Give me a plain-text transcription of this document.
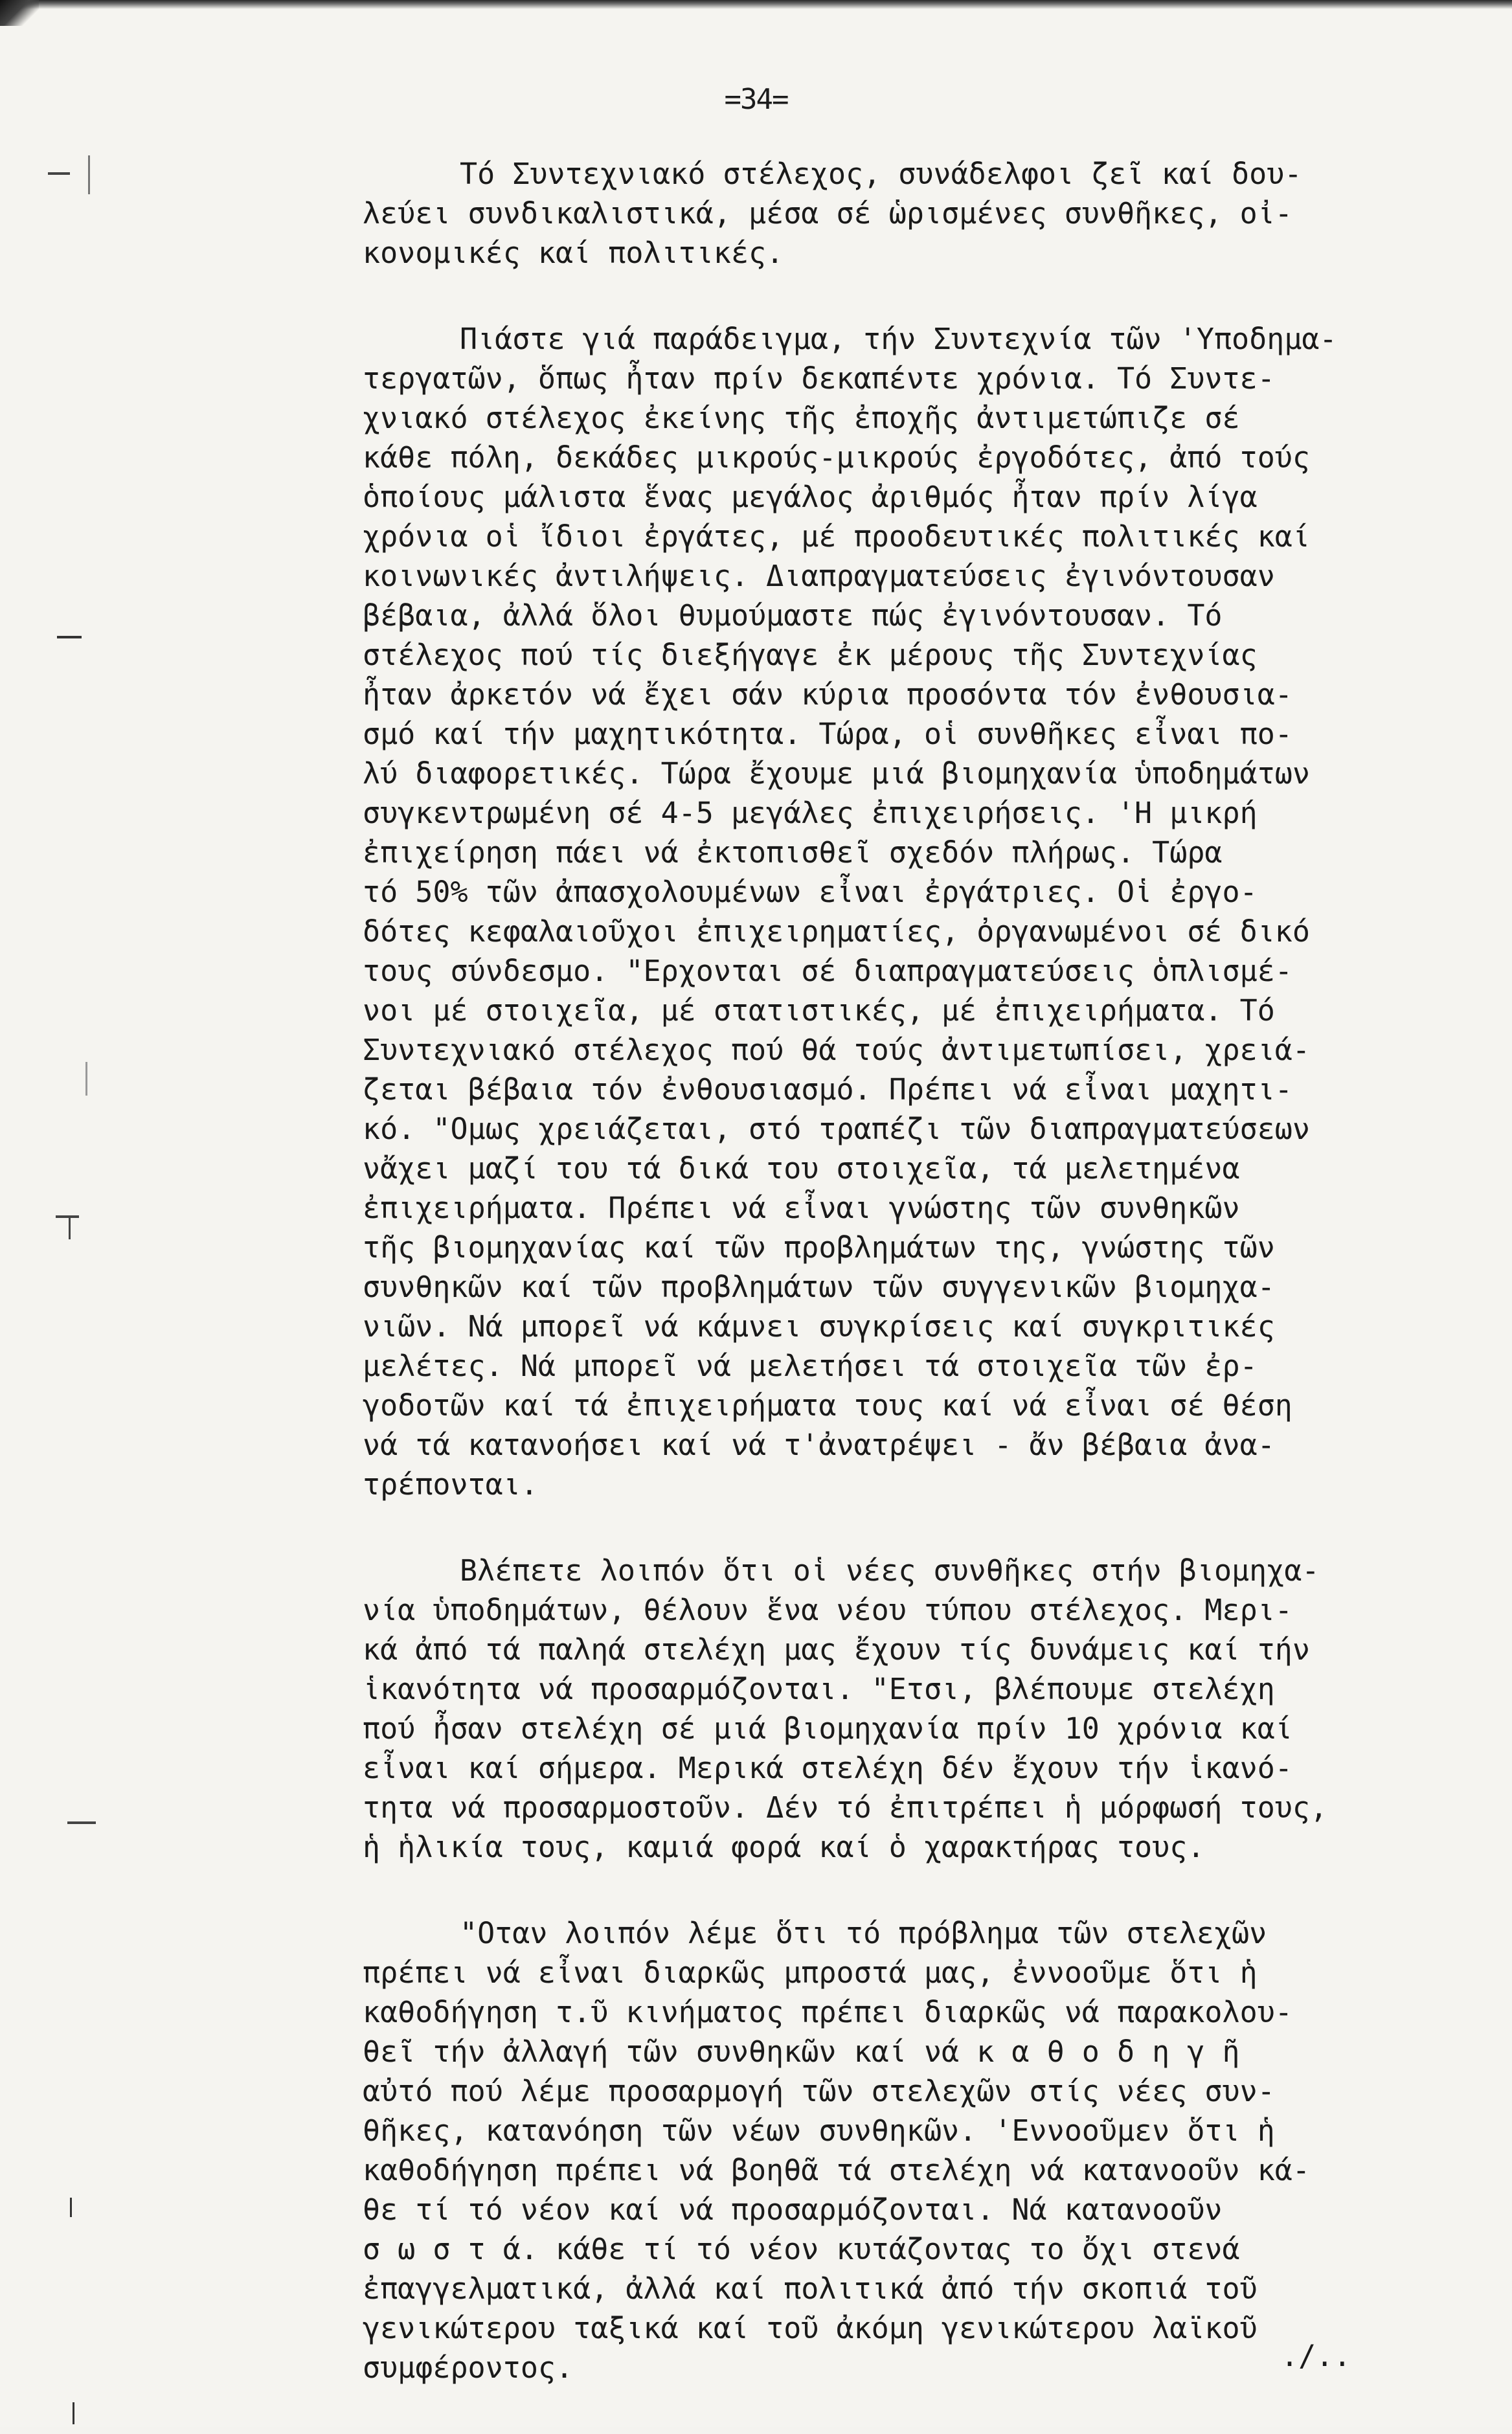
=34=
Τό Συντεχνιακό στέλεχος, συνάδελφοι ζεῖ καί δου-
λεύει συνδικαλιστικά, μέσα σέ ὡρισμένες συνθῆκες, οἰ-
κονομικές καί πολιτικές.
Πιάστε γιά παράδειγμα, τήν Συντεχνία τῶν 'Υποδημα-
τεργατῶν, ὅπως ἦταν πρίν δεκαπέντε χρόνια. Τό Συντε-
χνιακό στέλεχος ἐκείνης τῆς ἐποχῆς ἀντιμετώπιζε σέ
κάθε πόλη, δεκάδες μικρούς-μικρούς ἐργοδότες, ἀπό τούς
ὁποίους μάλιστα ἕνας μεγάλος ἀριθμός ἦταν πρίν λίγα
χρόνια οἱ ἴδιοι ἐργάτες, μέ προοδευτικές πολιτικές καί
κοινωνικές ἀντιλήψεις. Διαπραγματεύσεις ἐγινόντουσαν
βέβαια, ἀλλά ὅλοι θυμούμαστε πώς ἐγινόντουσαν. Τό
στέλεχος πού τίς διεξήγαγε ἐκ μέρους τῆς Συντεχνίας
ἦταν ἀρκετόν νά ἔχει σάν κύρια προσόντα τόν ἐνθουσια-
σμό καί τήν μαχητικότητα. Τώρα, οἱ συνθῆκες εἶναι πο-
λύ διαφορετικές. Τώρα ἔχουμε μιά βιομηχανία ὑποδημάτων
συγκεντρωμένη σέ 4-5 μεγάλες ἐπιχειρήσεις. 'Η μικρή
ἐπιχείρηση πάει νά ἐκτοπισθεῖ σχεδόν πλήρως. Τώρα
τό 50% τῶν ἀπασχολουμένων εἶναι ἐργάτριες. Οἱ ἐργο-
δότες κεφαλαιοῦχοι ἐπιχειρηματίες, ὀργανωμένοι σέ δικό
τους σύνδεσμο. "Ερχονται σέ διαπραγματεύσεις ὁπλισμέ-
νοι μέ στοιχεῖα, μέ στατιστικές, μέ ἐπιχειρήματα. Τό
Συντεχνιακό στέλεχος πού θά τούς ἀντιμετωπίσει, χρειά-
ζεται βέβαια τόν ἐνθουσιασμό. Πρέπει νά εἶναι μαχητι-
κό. "Ομως χρειάζεται, στό τραπέζι τῶν διαπραγματεύσεων
νἄχει μαζί του τά δικά του στοιχεῖα, τά μελετημένα
ἐπιχειρήματα. Πρέπει νά εἶναι γνώστης τῶν συνθηκῶν
τῆς βιομηχανίας καί τῶν προβλημάτων της, γνώστης τῶν
συνθηκῶν καί τῶν προβλημάτων τῶν συγγενικῶν βιομηχα-
νιῶν. Νά μπορεῖ νά κάμνει συγκρίσεις καί συγκριτικές
μελέτες. Νά μπορεῖ νά μελετήσει τά στοιχεῖα τῶν ἐρ-
γοδοτῶν καί τά ἐπιχειρήματα τους καί νά εἶναι σέ θέση
νά τά κατανοήσει καί νά τ'ἀνατρέψει - ἄν βέβαια ἀνα-
τρέπονται.
Βλέπετε λοιπόν ὅτι οἱ νέες συνθῆκες στήν βιομηχα-
νία ὑποδημάτων, θέλουν ἕνα νέου τύπου στέλεχος. Μερι-
κά ἀπό τά παληά στελέχη μας ἔχουν τίς δυνάμεις καί τήν
ἱκανότητα νά προσαρμόζονται. "Ετσι, βλέπουμε στελέχη
πού ἦσαν στελέχη σέ μιά βιομηχανία πρίν 10 χρόνια καί
εἶναι καί σήμερα. Μερικά στελέχη δέν ἔχουν τήν ἱκανό-
τητα νά προσαρμοστοῦν. Δέν τό ἐπιτρέπει ἡ μόρφωσή τους,
ἡ ἡλικία τους, καμιά φορά καί ὁ χαρακτήρας τους.
"Οταν λοιπόν λέμε ὅτι τό πρόβλημα τῶν στελεχῶν
πρέπει νά εἶναι διαρκῶς μπροστά μας, ἐννοοῦμε ὅτι ἡ
καθοδήγηση τ.ῦ κινήματος πρέπει διαρκῶς νά παρακολου-
θεῖ τήν ἀλλαγή τῶν συνθηκῶν καί νά κ α θ ο δ η γ ῆ
αὐτό πού λέμε προσαρμογή τῶν στελεχῶν στίς νέες συν-
θῆκες, κατανόηση τῶν νέων συνθηκῶν. 'Εννοοῦμεν ὅτι ἡ
καθοδήγηση πρέπει νά βοηθᾶ τά στελέχη νά κατανοοῦν κά-
θε τί τό νέον καί νά προσαρμόζονται. Νά κατανοοῦν
σ ω σ τ ά. κάθε τί τό νέον κυτάζοντας το ὄχι στενά
ἐπαγγελματικά, ἀλλά καί πολιτικά ἀπό τήν σκοπιά τοῦ
γενικώτερου ταξικά καί τοῦ ἀκόμη γενικώτερου λαϊκοῦ
συμφέροντος.	./..
